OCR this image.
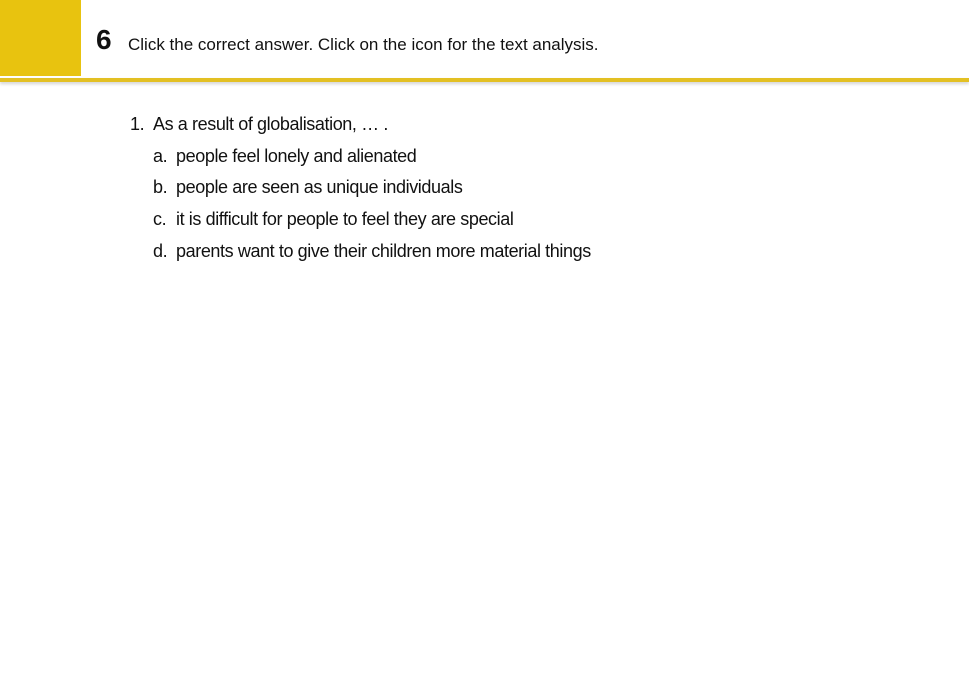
6 Click the correct answer. Click on the icon for the text analysis.
1. As a result of globalisation, … .
a. people feel lonely and alienated
b. people are seen as unique individuals
c. it is difficult for people to feel they are special
d. parents want to give their children more material things
